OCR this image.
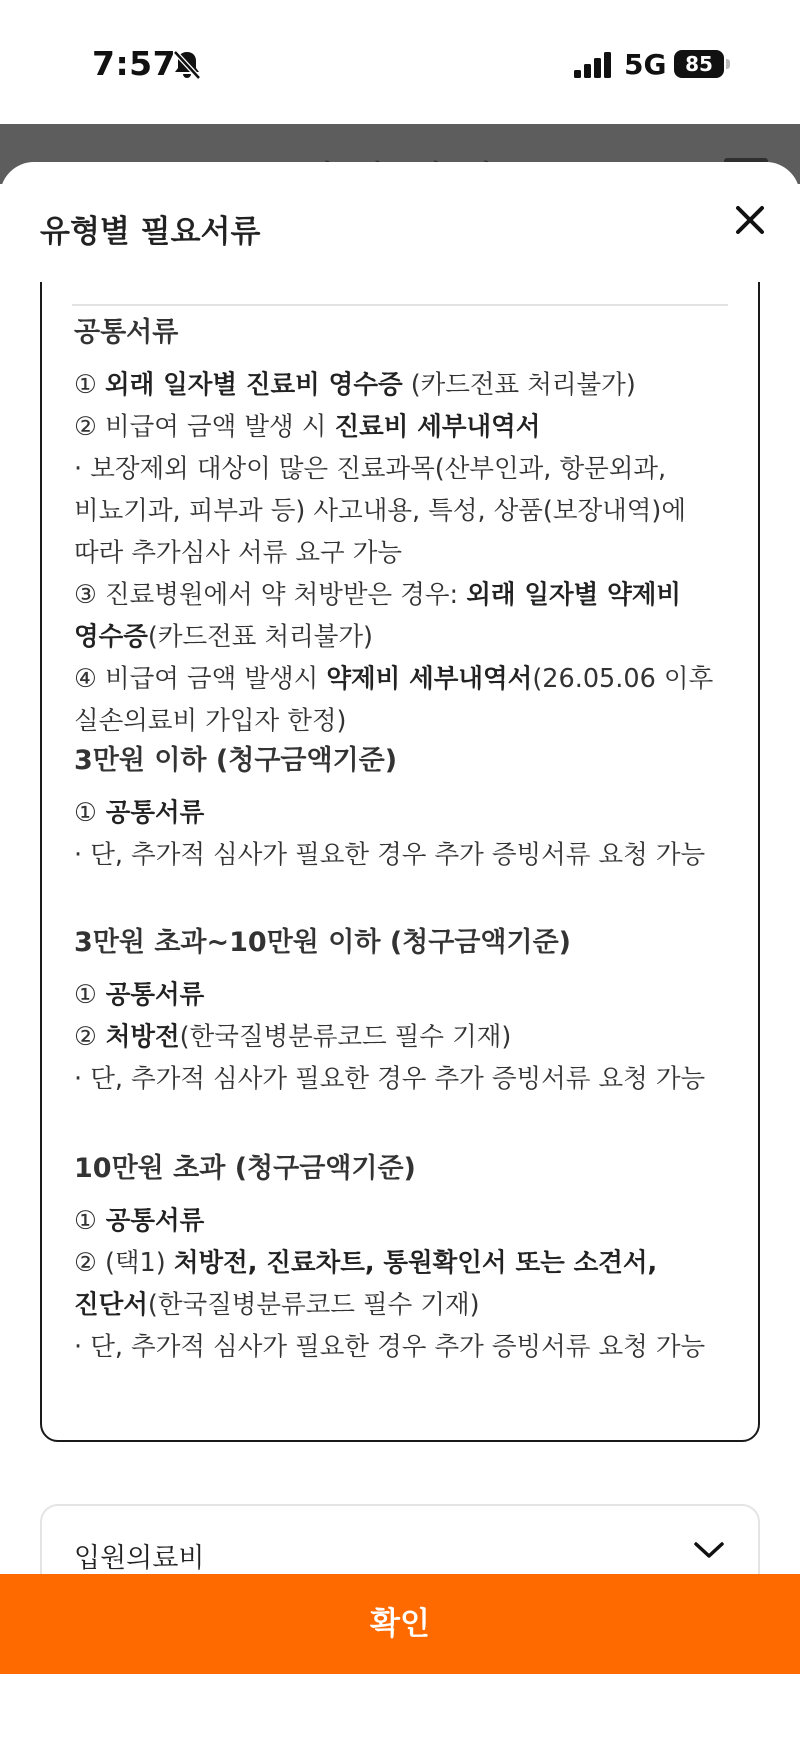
7:57	5G 85
유형별 필요서류
공통서류
① 외래 일자별 진료비 영수증 (카드전표 처리불가)
② 비급여 금액 발생 시 진료비 세부내역서
· 보장제외 대상이 많은 진료과목(산부인과, 항문외과,
비뇨기과, 피부과 등) 사고내용, 특성, 상품(보장내역)에
따라 추가심사 서류 요구 가능
③ 진료병원에서 약 처방받은 경우: 외래 일자별 약제비
영수증(카드전표 처리불가)
④ 비급여 금액 발생시 약제비 세부내역서(26.05.06 이후
실손의료비 가입자 한정)
3만원 이하 (청구금액기준)
① 공통서류
· 단, 추가적 심사가 필요한 경우 추가 증빙서류 요청 가능
3만원 초과~10만원 이하 (청구금액기준)
① 공통서류
② 처방전(한국질병분류코드 필수 기재)
· 단, 추가적 심사가 필요한 경우 추가 증빙서류 요청 가능
10만원 초과 (청구금액기준)
① 공통서류
② (택1) 처방전, 진료차트, 통원확인서 또는 소견서,
진단서(한국질병분류코드 필수 기재)
· 단, 추가적 심사가 필요한 경우 추가 증빙서류 요청 가능
입원의료비
확인
